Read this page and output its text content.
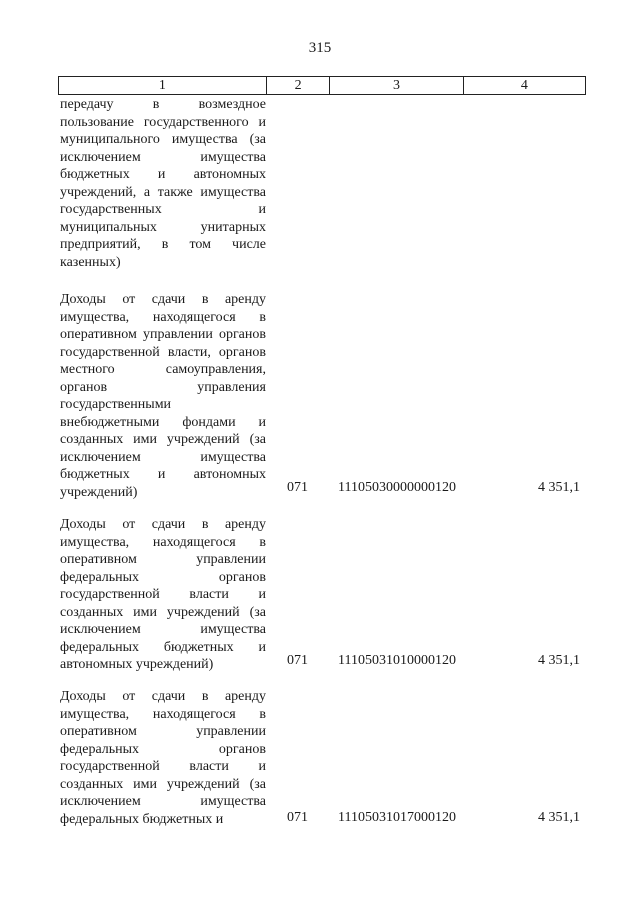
315
1	2	3	4
передачу в возмездное пользование государственного и муниципального имущества (за исключением имущества бюджетных и автономных учреждений, а также имущества государственных и муниципальных унитарных предприятий, в том числе казенных)
Доходы от сдачи в аренду имущества, находящегося в оперативном управлении органов государственной власти, органов местного самоуправления, органов управления государственными внебюджетными фондами и созданных ими учреждений (за исключением имущества бюджетных и автономных учреждений)	071 11105030000000120	4 351,1
Доходы от сдачи в аренду имущества, находящегося в оперативном управлении федеральных органов государственной власти и созданных ими учреждений (за исключением имущества федеральных бюджетных и автономных учреждений)	071 11105031010000120	4 351,1
Доходы от сдачи в аренду имущества, находящегося в оперативном управлении федеральных органов государственной власти и созданных ими учреждений (за исключением имущества федеральных бюджетных и	071 11105031017000120	4 351,1
